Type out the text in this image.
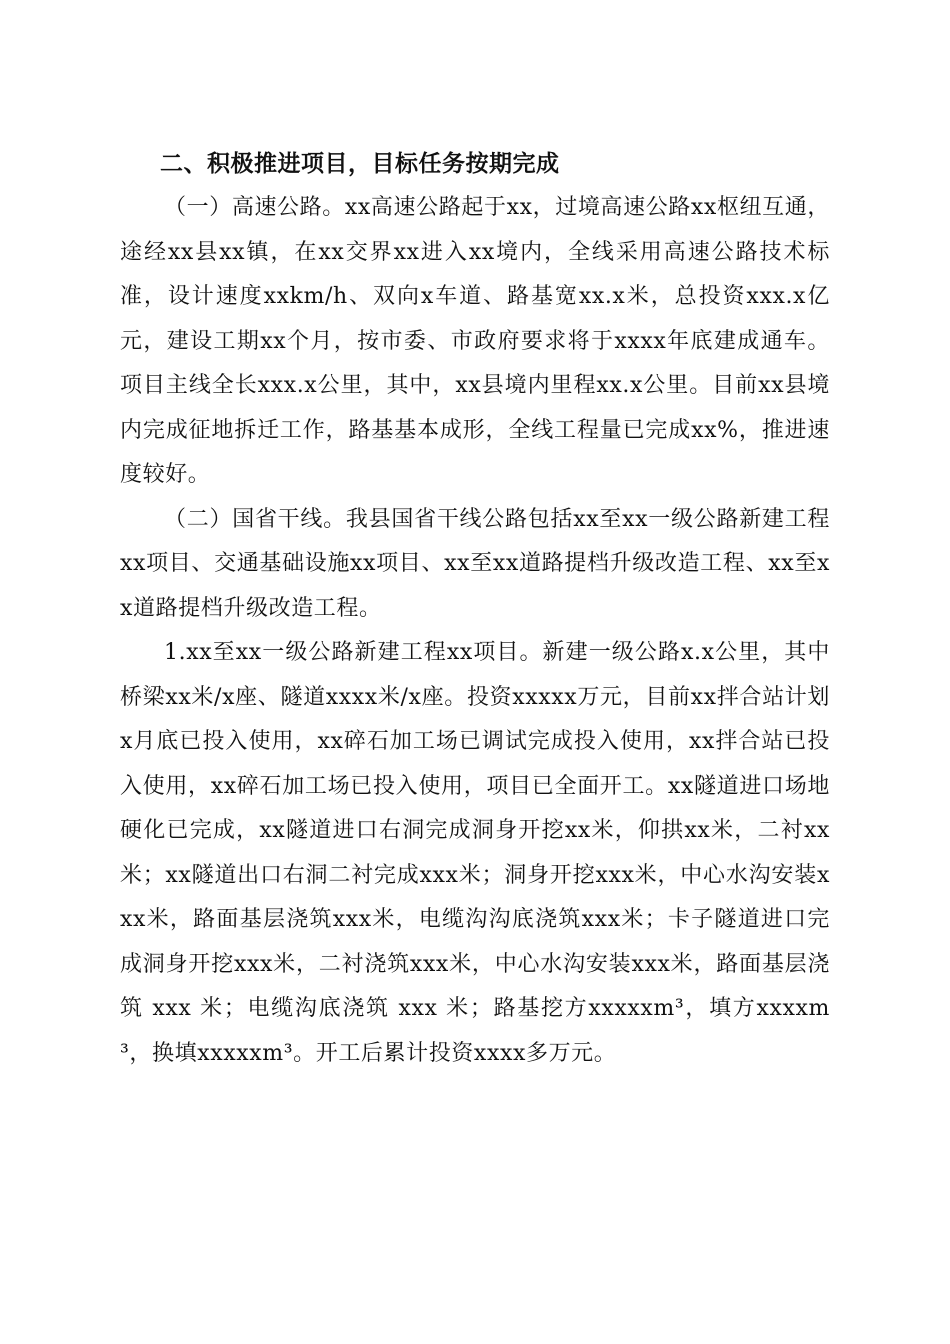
二、积极推进项目，目标任务按期完成

（一）高速公路。xx高速公路起于xx，过境高速公路xx枢纽互通，途经xx县xx镇，在xx交界xx进入xx境内，全线采用高速公路技术标准，设计速度xxkm/h、双向x车道、路基宽xx.x米，总投资xxx.x亿元，建设工期xx个月，按市委、市政府要求将于xxxx年底建成通车。项目主线全长xxx.x公里，其中，xx县境内里程xx.x公里。目前xx县境内完成征地拆迁工作，路基基本成形，全线工程量已完成xx%，推进速度较好。

（二）国省干线。我县国省干线公路包括xx至xx一级公路新建工程xx项目、交通基础设施xx项目、xx至xx道路提档升级改造工程、xx至xx道路提档升级改造工程。

1.xx至xx一级公路新建工程xx项目。新建一级公路x.x公里，其中桥梁xx米/x座、隧道xxxx米/x座。投资xxxxx万元，目前xx拌合站计划x月底已投入使用，xx碎石加工场已调试完成投入使用，xx拌合站已投入使用，xx碎石加工场已投入使用，项目已全面开工。xx隧道进口场地硬化已完成，xx隧道进口右洞完成洞身开挖xx米，仰拱xx米，二衬xx米；xx隧道出口右洞二衬完成xxx米；洞身开挖xxx米，中心水沟安装xxx米，路面基层浇筑xxx米，电缆沟沟底浇筑xxx米；卡子隧道进口完成洞身开挖xxx米，二衬浇筑xxx米，中心水沟安装xxx米，路面基层浇筑 xxx 米；电缆沟底浇筑 xxx 米；路基挖方xxxxxm³，填方xxxxm³，换填xxxxxm³。开工后累计投资xxxx多万元。
